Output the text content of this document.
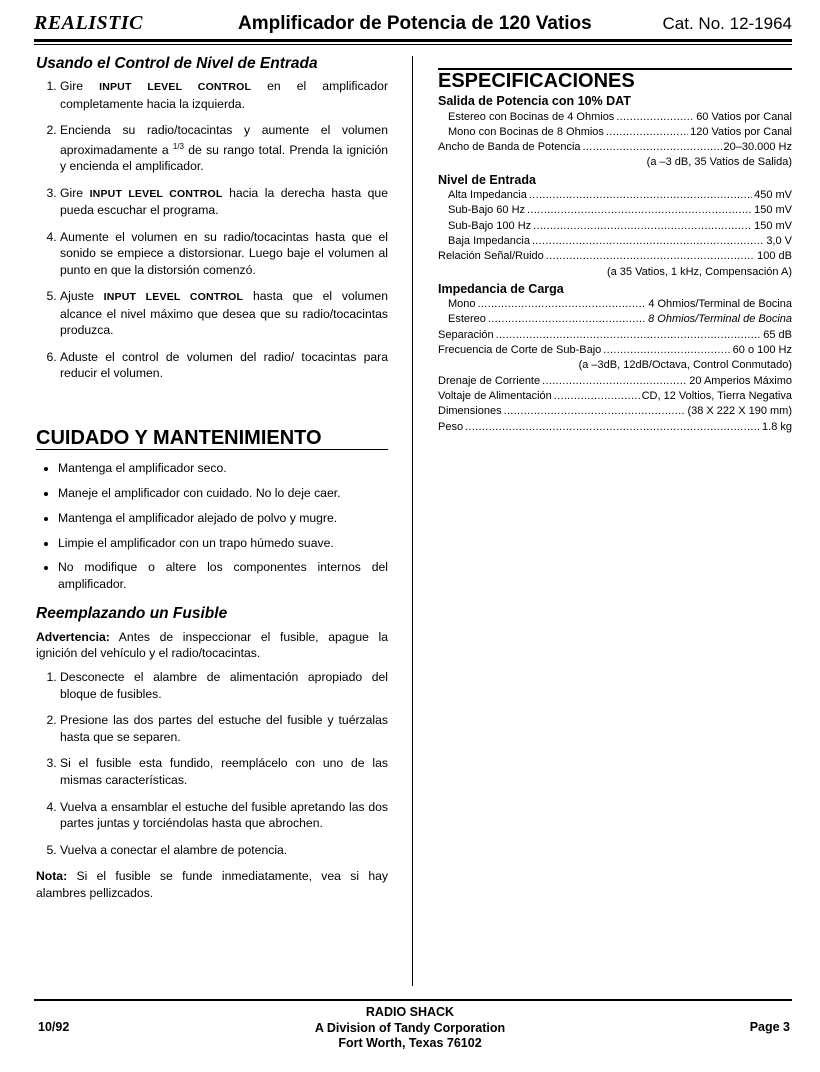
REALISTIC	Amplificador de Potencia de 120 Vatios	Cat. No. 12-1964
Usando el Control de Nivel de Entrada
1. Gire INPUT LEVEL CONTROL en el amplificador completamente hacia la izquierda.
2. Encienda su radio/tocacintas y aumente el volumen aproximadamente a $^{1/3}$ de su rango total. Prenda la ignición y encienda el amplificador.
3. Gire INPUT LEVEL CONTROL hacia la derecha hasta que pueda escuchar el programa.
4. Aumente el volumen en su radio/tocacintas hasta que el sonido se empiece a distorsionar. Luego baje el volumen al punto en que la distorsión comenzó.
5. Ajuste INPUT LEVEL CONTROL hasta que el volumen alcance el nivel máximo que desea que su radio/tocacintas produzca.
6. Aduste el control de volumen del radio/ tocacintas para reducir el volumen.
CUIDADO Y MANTENIMIENTO
• Mantenga el amplificador seco.
• Maneje el amplificador con cuidado. No lo deje caer.
• Mantenga el amplificador alejado de polvo y mugre.
• Limpie el amplificador con un trapo húmedo suave.
• No modifique o altere los componentes internos del amplificador.
Reemplazando un Fusible

Advertencia: Antes de inspeccionar el fusible, apague la ignición del vehículo y el radio/tocacintas.

1. Desconecte el alambre de alimentación apropiado del bloque de fusibles.
2. Presione las dos partes del estuche del fusible y tuérzalas hasta que se separen.
3. Si el fusible esta fundido, reemplácelo con uno de las mismas características.
4. Vuelva a ensamblar el estuche del fusible apretando las dos partes juntas y torciéndolas hasta que abrochen.
5. Vuelva a conectar el alambre de potencia.

Nota: Si el fusible se funde inmediatamente, vea si hay alambres pellizcados.

ESPECIFICACIONES
Salida de Potencia con 10% DAT
Estereo con Bocinas de 4 Ohmios .....	60 Vatios por Canal
Mono con Bocinas de 8 Ohmios .....	120 Vatios por Canal
Ancho de Banda de Potencia .....	20–30.000 Hz
(a –3 dB, 35 Vatios de Salida)
Nivel de Entrada
Alta Impedancia .....	450 mV
Sub-Bajo 60 Hz .....	150 mV
Sub-Bajo 100 Hz .....	150 mV
Baja Impedancia .....	3,0 V
Relación Señal/Ruido .....	100 dB
(a 35 Vatios, 1 kHz, Compensación A)
Impedancia de Carga
Mono .....	4 Ohmios/Terminal de Bocina
Estereo .....	8 Ohmios/Terminal de Bocina
Separación .....	65 dB
Frecuencia de Corte de Sub-Bajo .....	60 o 100 Hz
(a –3dB, 12dB/Octava, Control Conmutado)
Drenaje de Corriente .....	20 Amperios Máximo
Voltaje de Alimentación .....	CD, 12 Voltios, Tierra Negativa
Dimensiones .....	(38 X 222 X 190 mm)
Peso .....	1.8 kg
10/92
RADIO SHACK
A Division of Tandy Corporation
Fort Worth, Texas 76102
Page 3
